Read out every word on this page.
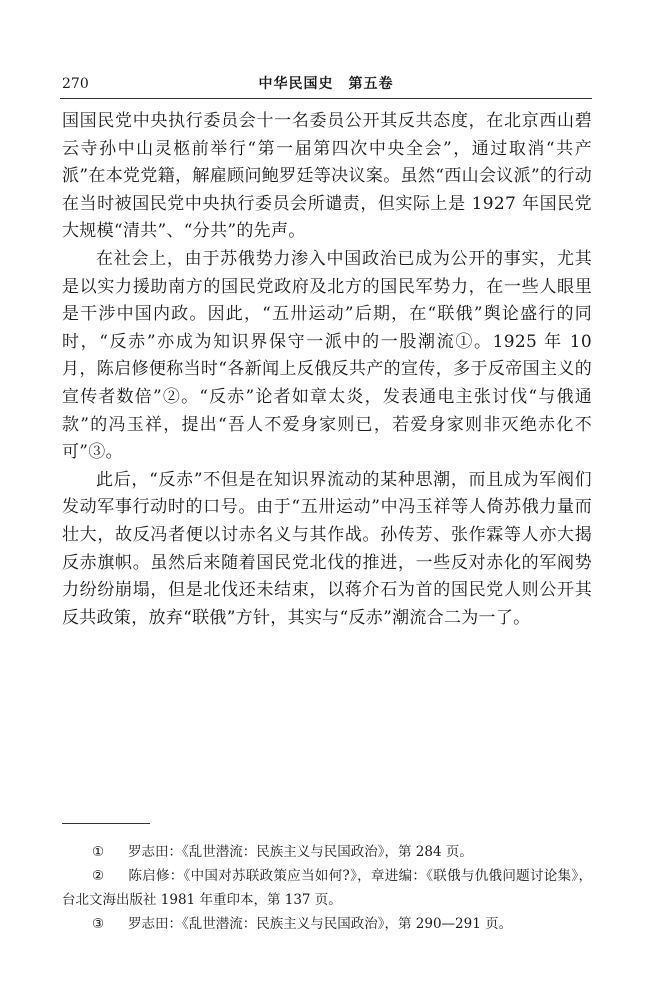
270	中华民国史　第五卷

国国民党中央执行委员会十一名委员公开其反共态度，在北京西山碧云寺孙中山灵柩前举行“第一届第四次中央全会”，通过取消“共产派”在本党党籍，解雇顾问鲍罗廷等决议案。虽然“西山会议派”的行动在当时被国民党中央执行委员会所谴责，但实际上是 1927 年国民党大规模“清共”、“分共”的先声。

在社会上，由于苏俄势力渗入中国政治已成为公开的事实，尤其是以实力援助南方的国民党政府及北方的国民军势力，在一些人眼里是干涉中国内政。因此，“五卅运动”后期，在“联俄”舆论盛行的同时，“反赤”亦成为知识界保守一派中的一股潮流①。1925 年 10 月，陈启修便称当时“各新闻上反俄反共产的宣传，多于反帝国主义的宣传者数倍”②。“反赤”论者如章太炎，发表通电主张讨伐“与俄通款”的冯玉祥，提出“吾人不爱身家则已，若爱身家则非灭绝赤化不可”③。

此后，“反赤”不但是在知识界流动的某种思潮，而且成为军阀们发动军事行动时的口号。由于“五卅运动”中冯玉祥等人倚苏俄力量而壮大，故反冯者便以讨赤名义与其作战。孙传芳、张作霖等人亦大揭反赤旗帜。虽然后来随着国民党北伐的推进，一些反对赤化的军阀势力纷纷崩塌，但是北伐还未结束，以蒋介石为首的国民党人则公开其反共政策，放弃“联俄”方针，其实与“反赤”潮流合二为一了。

① 罗志田：《乱世潜流：民族主义与民国政治》，第 284 页。

② 陈启修：《中国对苏联政策应当如何?》，章进编：《联俄与仇俄问题讨论集》，台北文海出版社 1981 年重印本，第 137 页。

③ 罗志田：《乱世潜流：民族主义与民国政治》，第 290—291 页。
